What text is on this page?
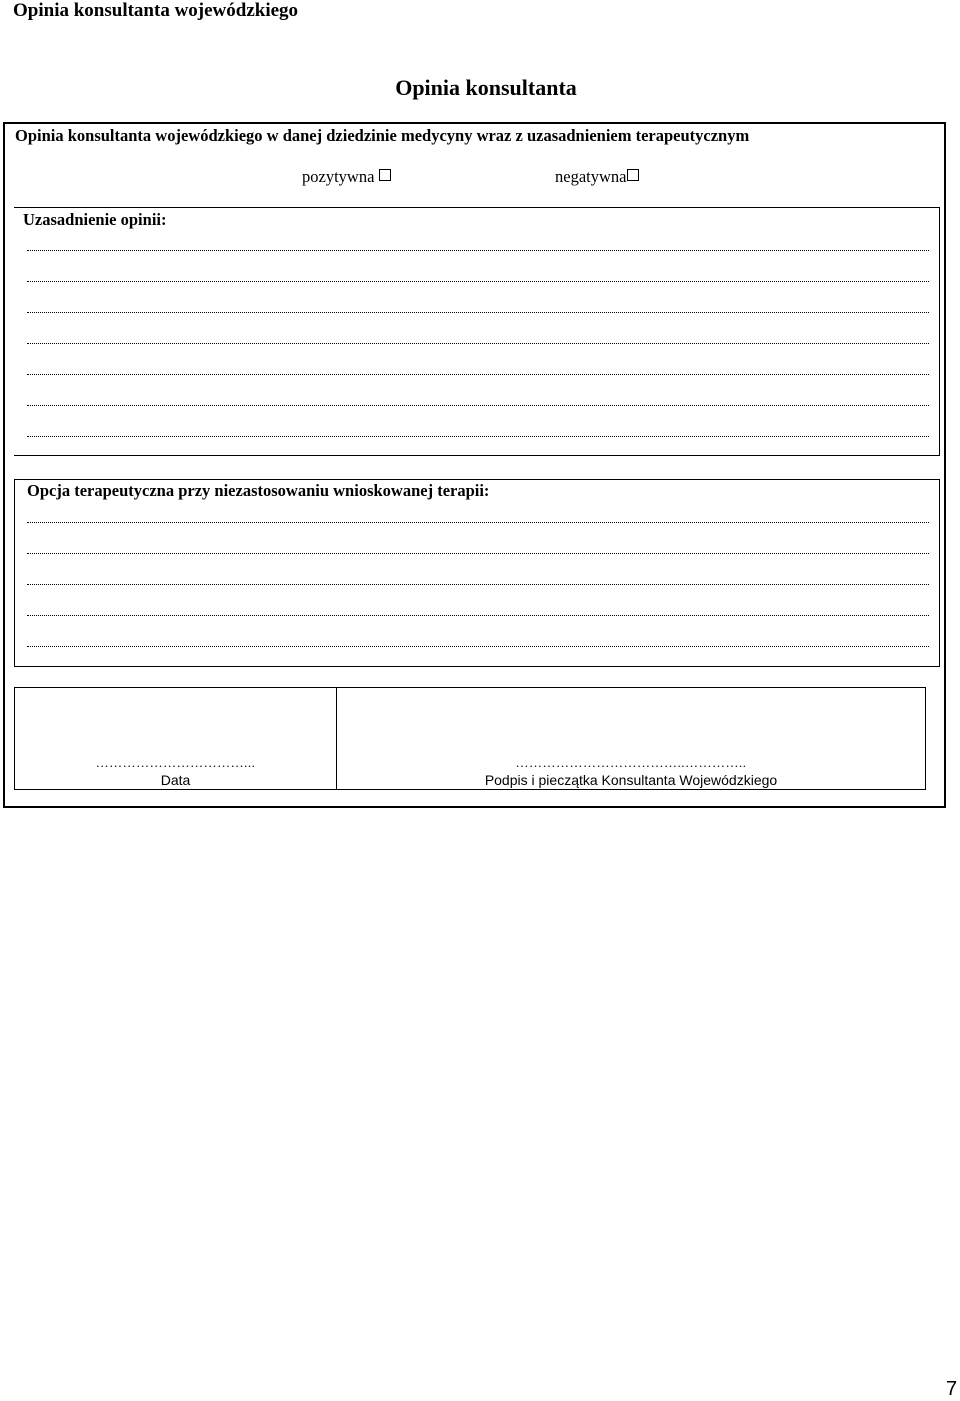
Opinia konsultanta wojewódzkiego
Opinia konsultanta
Opinia konsultanta wojewódzkiego w danej dziedzinie medycyny wraz z uzasadnieniem terapeutycznym
pozytywna	negatywna
Uzasadnienie opinii:
Opcja terapeutyczna przy niezastosowaniu wnioskowanej terapii:
……………………………...
Data
………………………………..…………..
Podpis i pieczątka Konsultanta Wojewódzkiego
7
